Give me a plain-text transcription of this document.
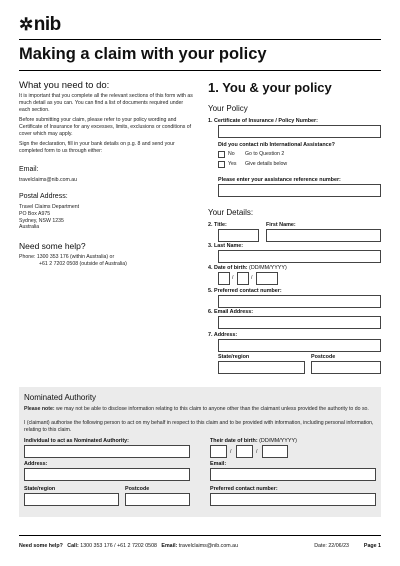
✲nib
Making a claim with your policy
What you need to do:
It is important that you complete all the relevant sections of this form with as much detail as you can. You can find a list of documents required under each section.
Before submitting your claim, please refer to your policy wording and Certificate of Insurance for any excesses, limits, exclusions or conditions of cover which may apply.
Sign the declaration, fill in your bank details on p.g. 8 and send your completed form to us through either:
Email:
travelclaims@nib.com.au
Postal Address:
Travel Claims Department
PO Box A975
Sydney, NSW 1235
Australia
Need some help?
Phone: 1300 353 176 (within Australia) or
+61 2 7202 0508 (outside of Australia)
1. You & your policy
Your Policy
1. Certificate of Insurance / Policy Number:
Did you contact nib International Assistance?
No Go to Question 2
Yes Give details below
Please enter your assistance reference number:
Your Details:
2. Title:	First Name:
3. Last Name:
4. Date of birth: (DD/MM/YYYY)
/	/
5. Preferred contact number:
6. Email Address:
7. Address:
State/region	Postcode
Nominated Authority
Please note: we may not be able to disclose information relating to this claim to anyone other than the claimant unless provided the authority to do so.
I (claimant) authorise the following person to act on my behalf in respect to this claim and to be provided with information, including personal information, relating to this claim.
Individual to act as Nominated Authority:	Their date of birth: (DD/MM/YYYY)
/	/
Address:	Email:
State/region	Postcode	Preferred contact number:
Need some help? Call: 1300 353 176 / +61 2 7202 0508 Email: travelclaims@nib.com.au	Date: 22/06/23	Page 1
